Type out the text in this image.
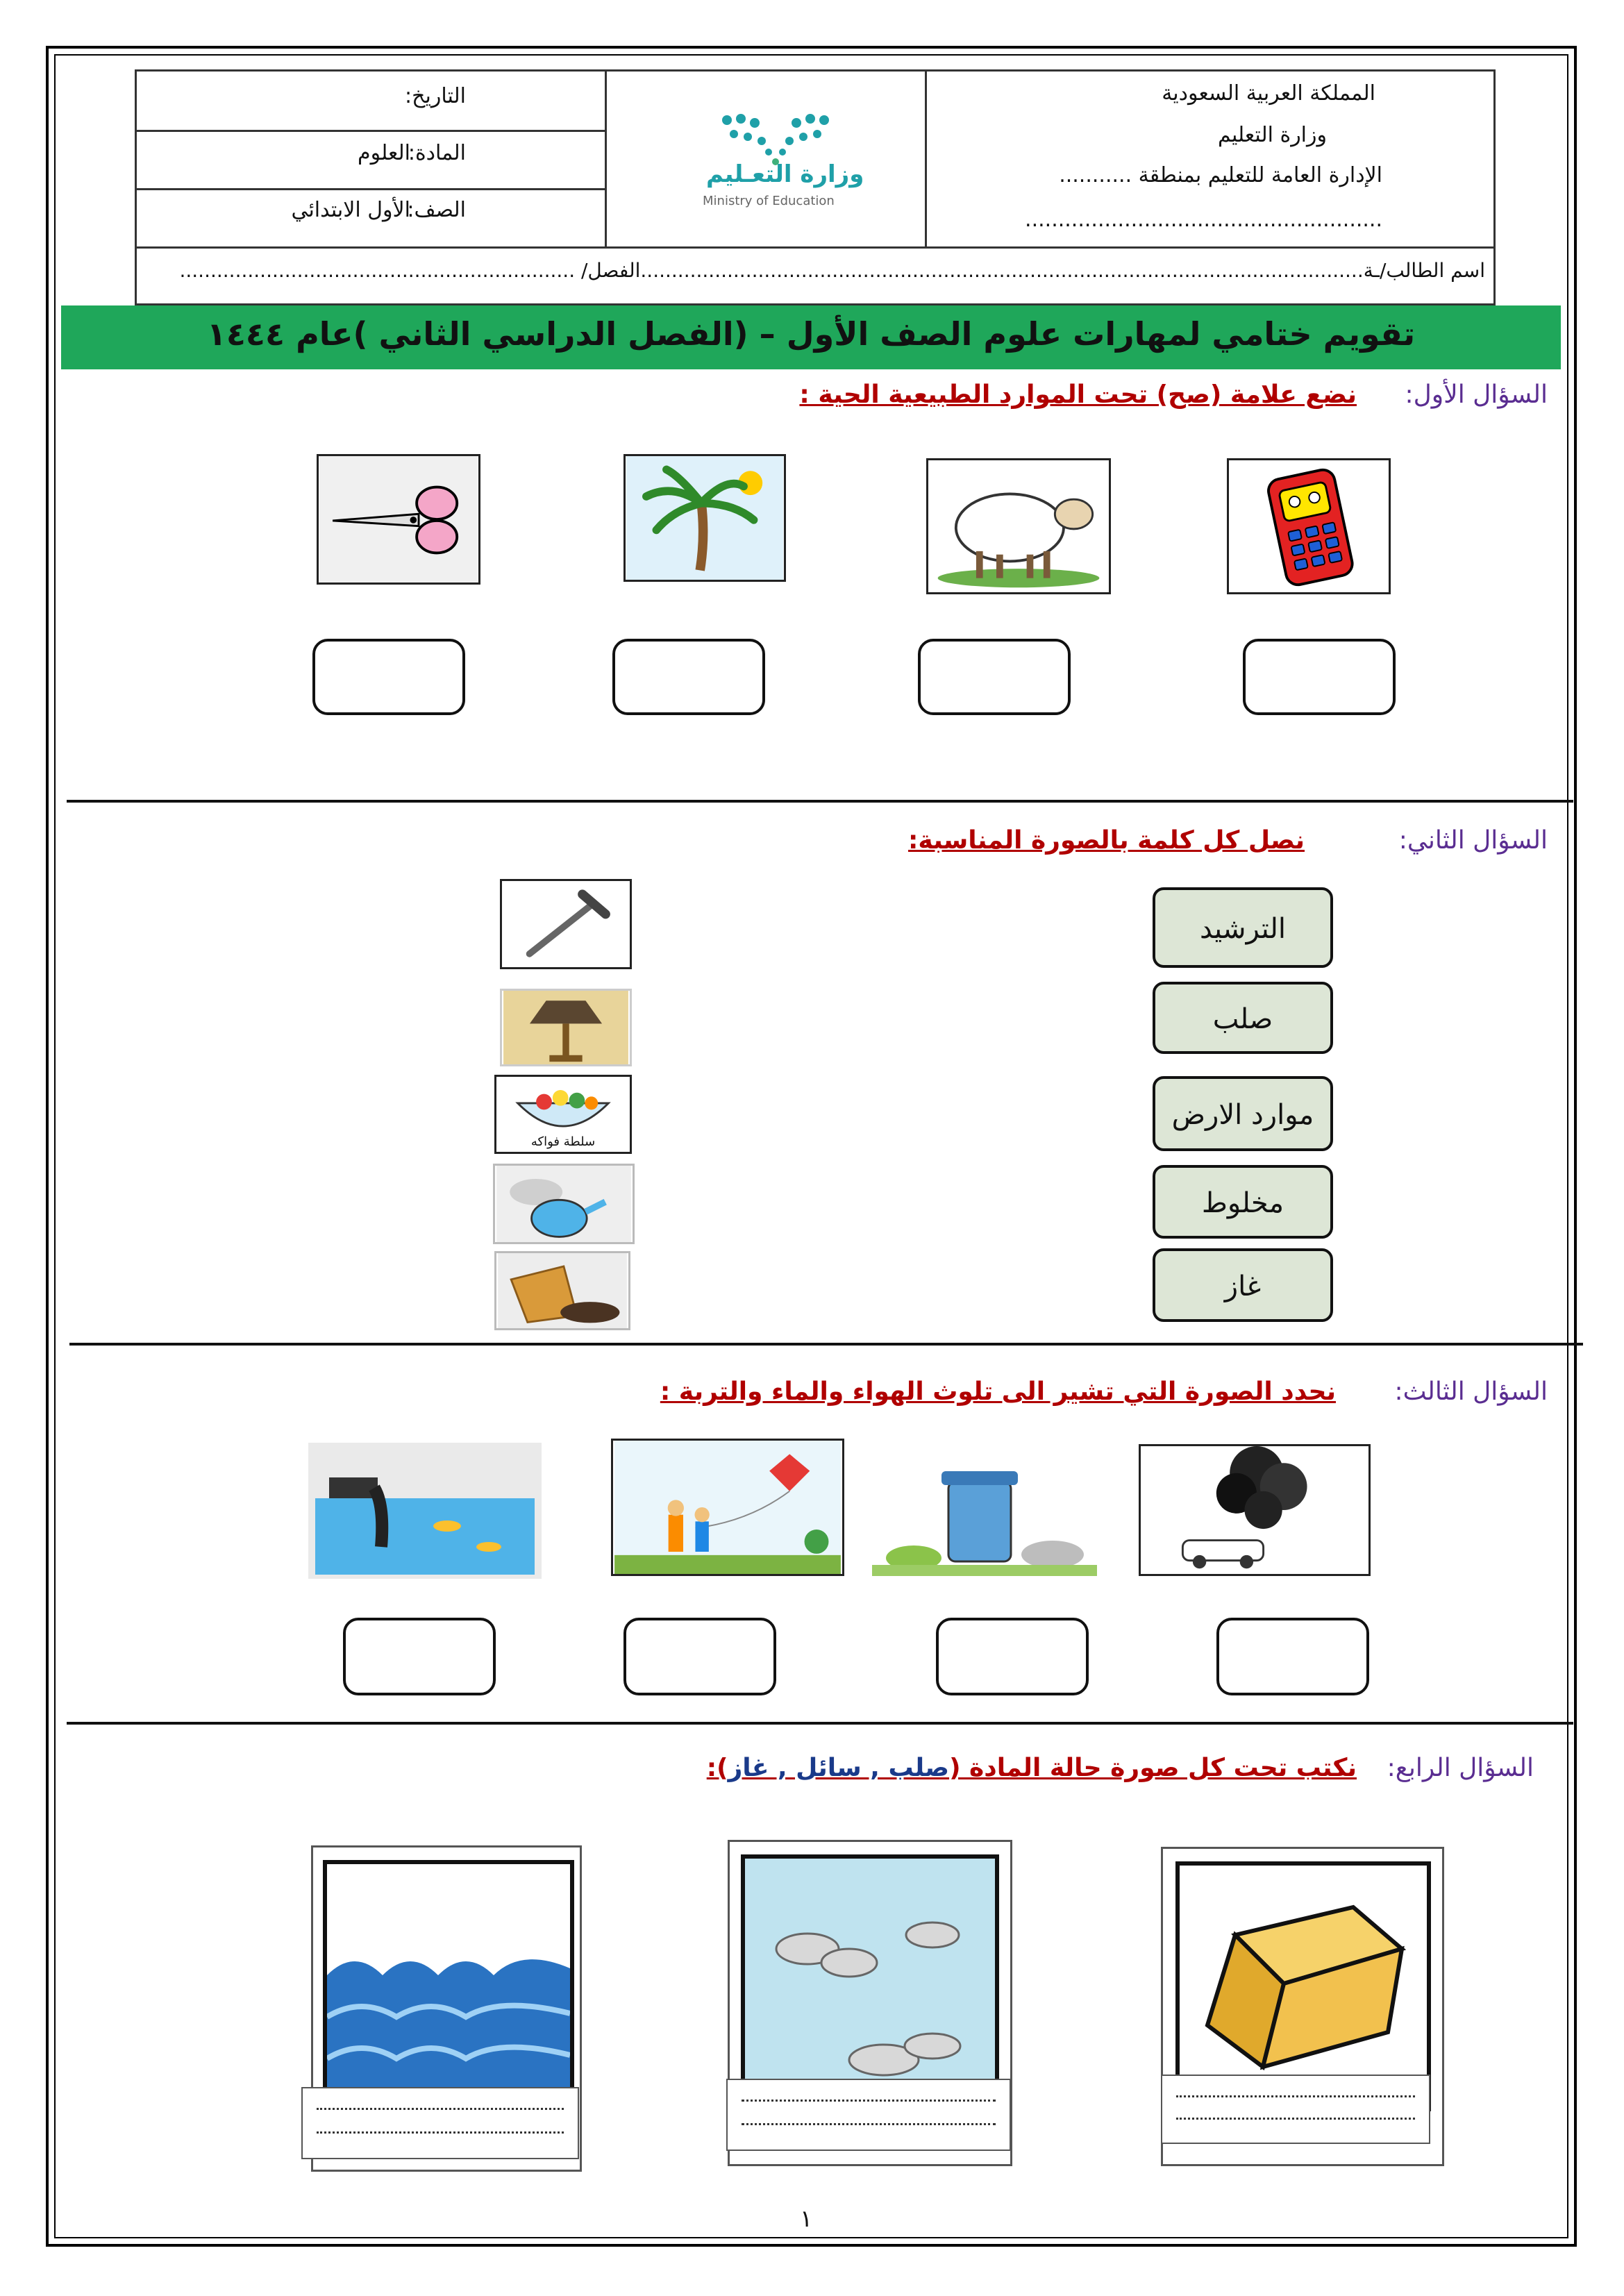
المملكة العربية السعودية
وزارة التعليم
الإدارة العامة للتعليم بمنطقة ...........
......................................................
وزارة التعـليم
Ministry of Education
التاريخ:
المادة:
العلوم
الصف:
الأول الابتدائي
اسم الطالب/ـة.....................................................................................................................الفصل/ ................................................................
تقويم ختامي لمهارات علوم الصف الأول – (الفصل الدراسي الثاني )عام ١٤٤٤
السؤال الأول:
نضع علامة (صح) تحت الموارد الطبيعية الحية :
السؤال الثاني:
نصل كل كلمة بالصورة المناسبة:
الترشيد
صلب
موارد الارض
مخلوط
غاز
سلطة فواكه
السؤال الثالث:
نحدد الصورة التي تشير الى تلوث الهواء والماء والتربة :
السؤال الرابع:
نكتب تحت كل صورة حالة المادة (صلب , سائل , غاز):
١
